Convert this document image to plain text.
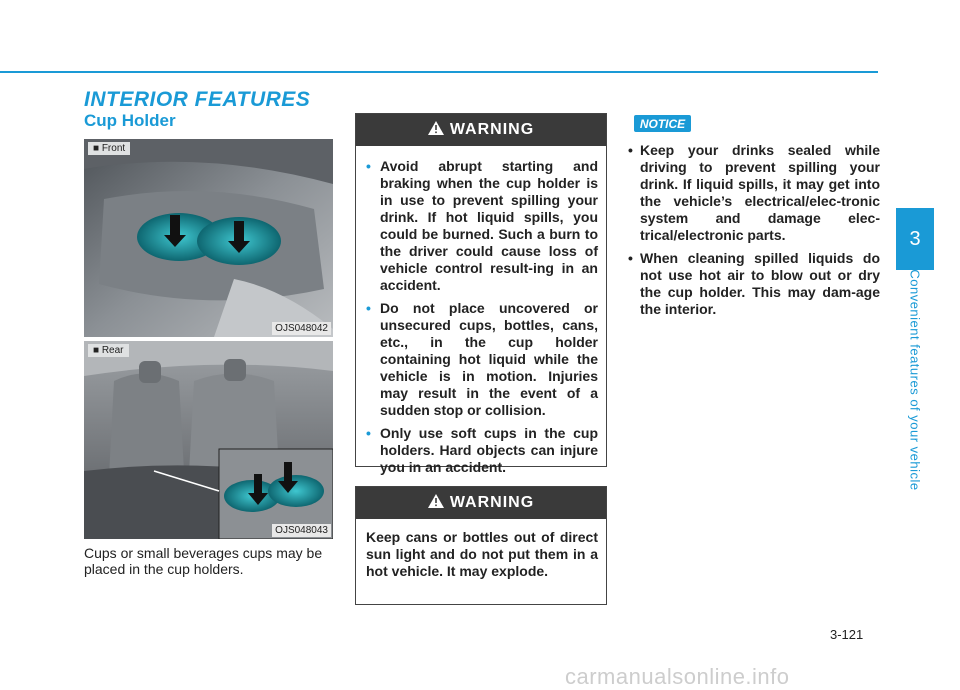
INTERIOR FEATURES
Cup Holder
■ Front
OJS048042
■ Rear
OJS048043

Cups or small beverages cups may be placed in the cup holders.

WARNING
• Avoid abrupt starting and braking when the cup holder is in use to prevent spilling your drink. If hot liquid spills, you could be burned. Such a burn to the driver could cause loss of vehicle control result-ing in an accident.
• Do not place uncovered or unsecured cups, bottles, cans, etc., in the cup holder containing hot liquid while the vehicle is in motion. Injuries may result in the event of a sudden stop or collision.
• Only use soft cups in the cup holders. Hard objects can injure you in an accident.
WARNING

Keep cans or bottles out of direct sun light and do not put them in a hot vehicle. It may explode.

NOTICE
• Keep your drinks sealed while driving to prevent spilling your drink. If liquid spills, it may get into the vehicle’s electrical/elec-tronic system and damage elec-trical/electronic parts.
• When cleaning spilled liquids do not use hot air to blow out or dry the cup holder. This may dam-age the interior.
3
Convenient features of your vehicle
3-121
carmanualsonline.info
